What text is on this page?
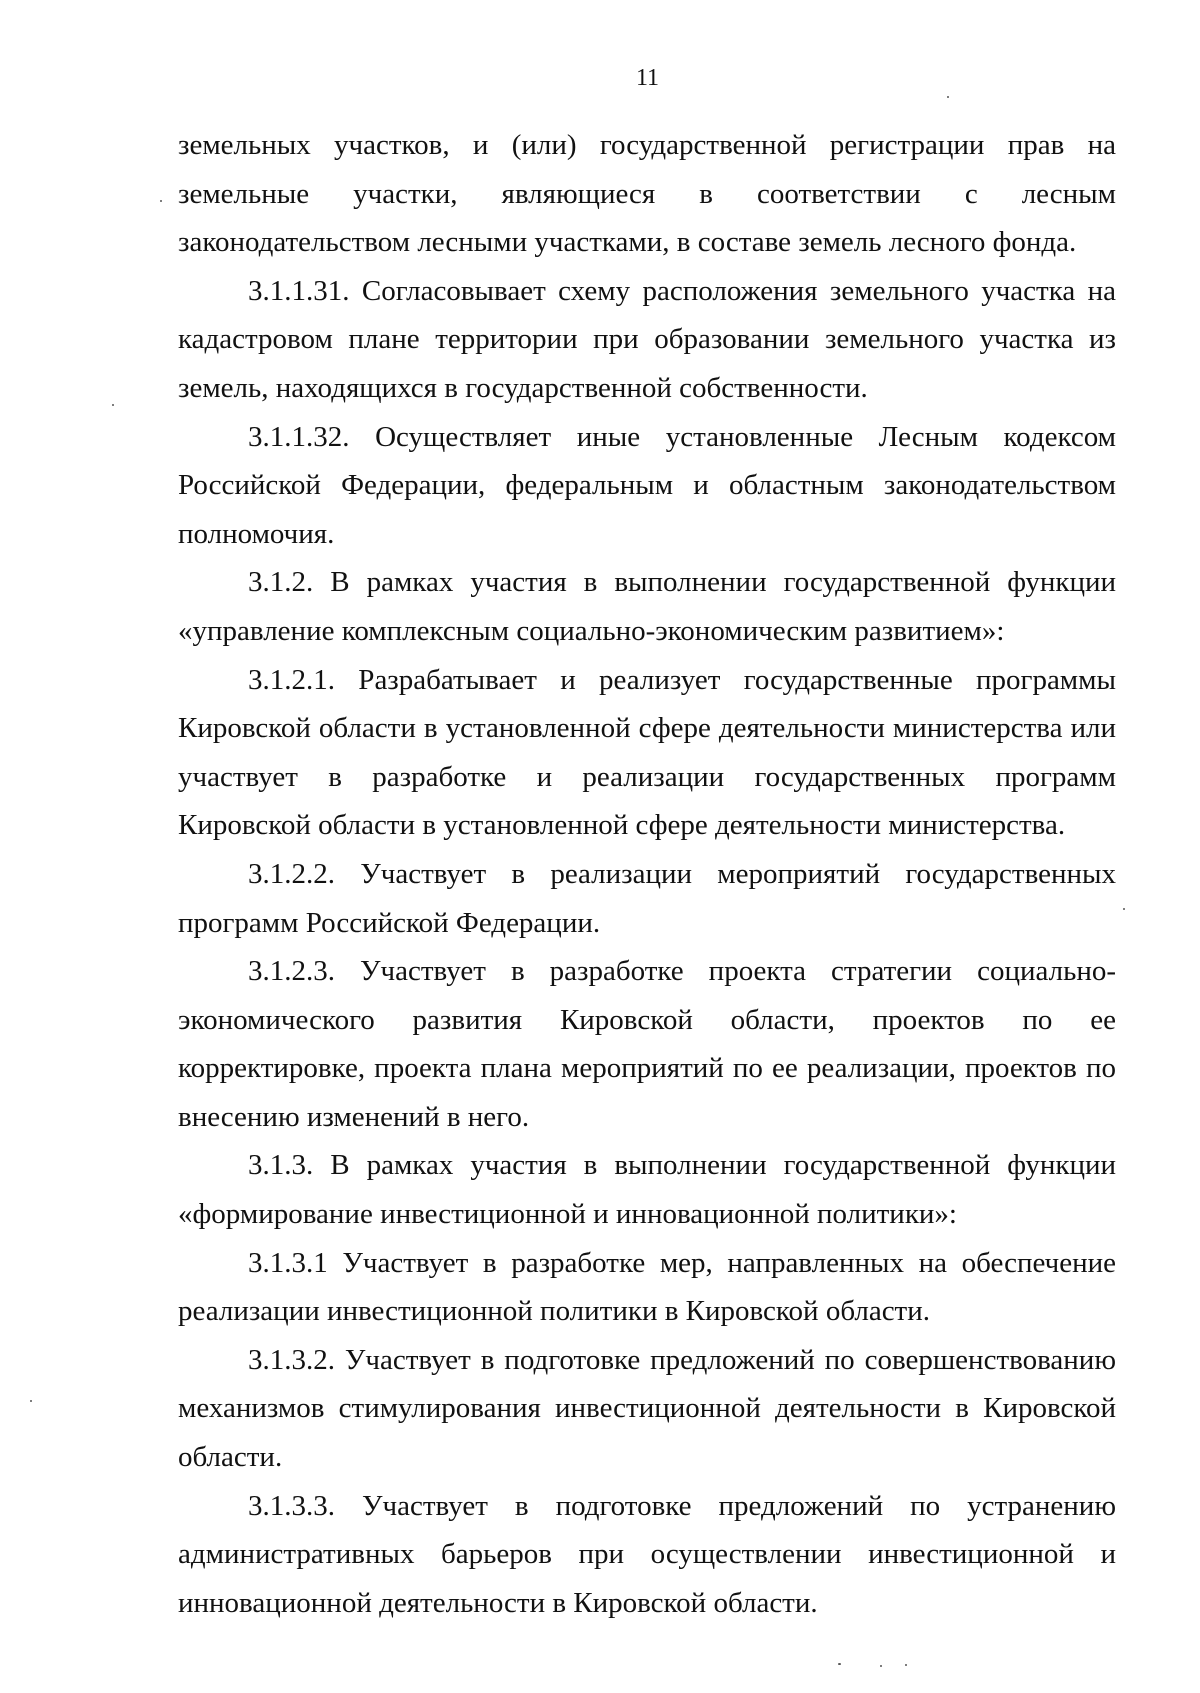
11

земельных участков, и (или) государственной регистрации прав на земельные участки, являющиеся в соответствии с лесным законодательством лесными участками, в составе земель лесного фонда.

3.1.1.31. Согласовывает схему расположения земельного участка на кадастровом плане территории при образовании земельного участка из земель, находящихся в государственной собственности.

3.1.1.32. Осуществляет иные установленные Лесным кодексом Российской Федерации, федеральным и областным законодательством полномочия.

3.1.2. В рамках участия в выполнении государственной функции «управление комплексным социально-экономическим развитием»:

3.1.2.1. Разрабатывает и реализует государственные программы Кировской области в установленной сфере деятельности министерства или участвует в разработке и реализации государственных программ Кировской области в установленной сфере деятельности министерства.

3.1.2.2. Участвует в реализации мероприятий государственных программ Российской Федерации.

3.1.2.3. Участвует в разработке проекта стратегии социально-экономического развития Кировской области, проектов по ее корректировке, проекта плана мероприятий по ее реализации, проектов по внесению изменений в него.

3.1.3. В рамках участия в выполнении государственной функции «формирование инвестиционной и инновационной политики»:

3.1.3.1 Участвует в разработке мер, направленных на обеспечение реализации инвестиционной политики в Кировской области.

3.1.3.2. Участвует в подготовке предложений по совершенствованию механизмов стимулирования инвестиционной деятельности в Кировской области.

3.1.3.3. Участвует в подготовке предложений по устранению административных барьеров при осуществлении инвестиционной и инновационной деятельности в Кировской области.
